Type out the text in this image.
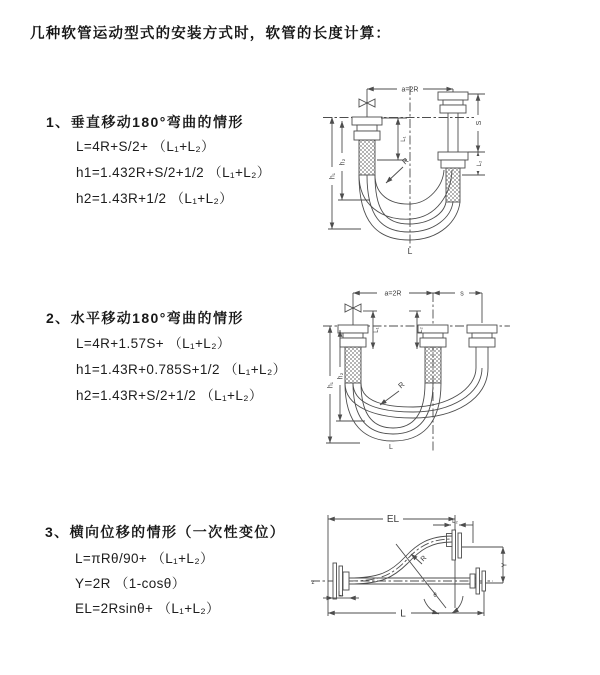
几种软管运动型式的安装方式时，软管的长度计算：
1、垂直移动180°弯曲的情形
L=4R+S/2+ （L₁+L₂）
h1=1.432R+S/2+1/2 （L₁+L₂）
h2=1.43R+1/2 （L₁+L₂）
2、水平移动180°弯曲的情形
L=4R+1.57S+ （L₁+L₂）
h1=1.43R+0.785S+1/2 （L₁+L₂）
h2=1.43R+S/2+1/2 （L₁+L₂）
3、横向位移的情形（一次性变位）
L=πRθ/90+ （L₁+L₂）
Y=2R （1-cosθ）
EL=2Rsinθ+ （L₁+L₂）
a=2R
h₁
h₂
L₁
S
L₂
R
L
a=2R	s
L₁	L₂
h₁
h₂
R
L
EL	L₂
Y
R
θ
L
L₁
z
